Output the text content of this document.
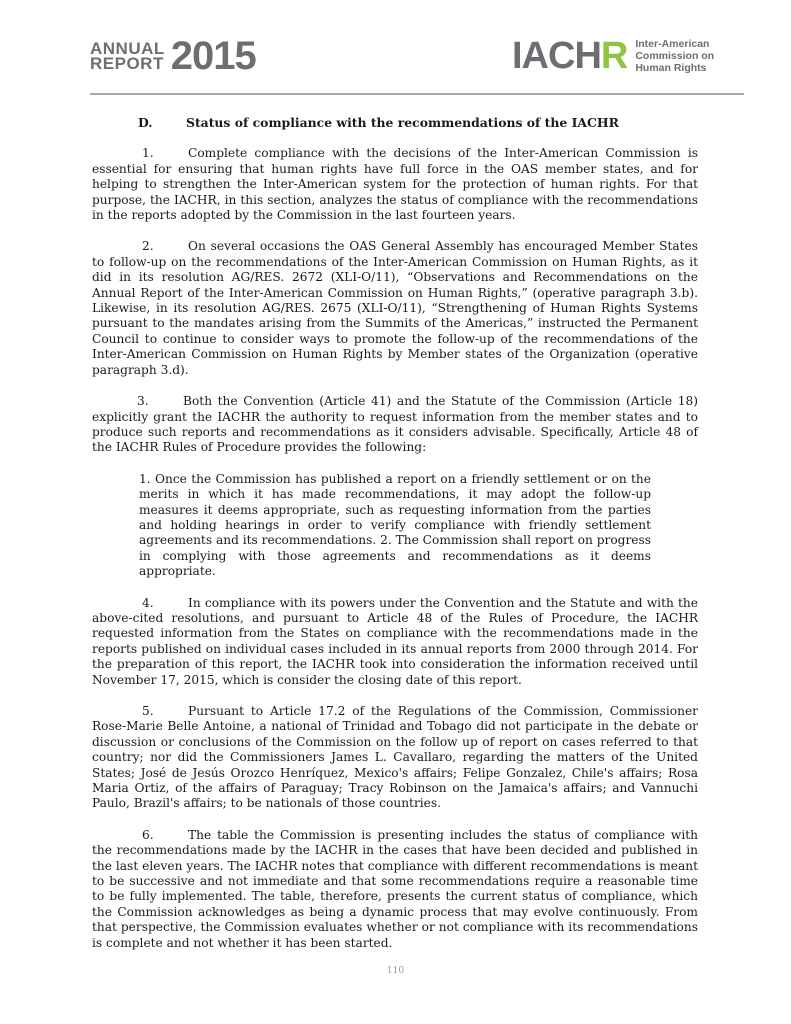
ANNUAL
REPORT 2015	IACHR Inter-American
Commission on
Human Rights
D.	Status of compliance with the recommendations of the IACHR

1.	Complete compliance with the decisions of the Inter-American Commission is essential for ensuring that human rights have full force in the OAS member states, and for helping to strengthen the Inter-American system for the protection of human rights. For that purpose, the IACHR, in this section, analyzes the status of compliance with the recommendations in the reports adopted by the Commission in the last fourteen years.

2.	On several occasions the OAS General Assembly has encouraged Member States to follow-up on the recommendations of the Inter-American Commission on Human Rights, as it did in its resolution AG/RES. 2672 (XLI-O/11), “Observations and Recommendations on the Annual Report of the Inter-American Commission on Human Rights,” (operative paragraph 3.b). Likewise, in its resolution AG/RES. 2675 (XLI-O/11), “Strengthening of Human Rights Systems pursuant to the mandates arising from the Summits of the Americas,” instructed the Permanent Council to continue to consider ways to promote the follow-up of the recommendations of the Inter-American Commission on Human Rights by Member states of the Organization (operative paragraph 3.d).

3.	Both the Convention (Article 41) and the Statute of the Commission (Article 18) explicitly grant the IACHR the authority to request information from the member states and to produce such reports and recommendations as it considers advisable. Specifically, Article 48 of the IACHR Rules of Procedure provides the following:

1. Once the Commission has published a report on a friendly settlement or on the merits in which it has made recommendations, it may adopt the follow-up measures it deems appropriate, such as requesting information from the parties and holding hearings in order to verify compliance with friendly settlement agreements and its recommendations. 2. The Commission shall report on progress in complying with those agreements and recommendations as it deems appropriate.

4.	In compliance with its powers under the Convention and the Statute and with the above-cited resolutions, and pursuant to Article 48 of the Rules of Procedure, the IACHR requested information from the States on compliance with the recommendations made in the reports published on individual cases included in its annual reports from 2000 through 2014. For the preparation of this report, the IACHR took into consideration the information received until November 17, 2015, which is consider the closing date of this report.

5.	Pursuant to Article 17.2 of the Regulations of the Commission, Commissioner Rose-Marie Belle Antoine, a national of Trinidad and Tobago did not participate in the debate or discussion or conclusions of the Commission on the follow up of report on cases referred to that country; nor did the Commissioners James L. Cavallaro, regarding the matters of the United States; José de Jesús Orozco Henríquez, Mexico's affairs; Felipe Gonzalez, Chile's affairs; Rosa Maria Ortiz, of the affairs of Paraguay; Tracy Robinson on the Jamaica's affairs; and Vannuchi Paulo, Brazil's affairs; to be nationals of those countries.

6.	The table the Commission is presenting includes the status of compliance with the recommendations made by the IACHR in the cases that have been decided and published in the last eleven years. The IACHR notes that compliance with different recommendations is meant to be successive and not immediate and that some recommendations require a reasonable time to be fully implemented. The table, therefore, presents the current status of compliance, which the Commission acknowledges as being a dynamic process that may evolve continuously. From that perspective, the Commission evaluates whether or not compliance with its recommendations is complete and not whether it has been started.

110
